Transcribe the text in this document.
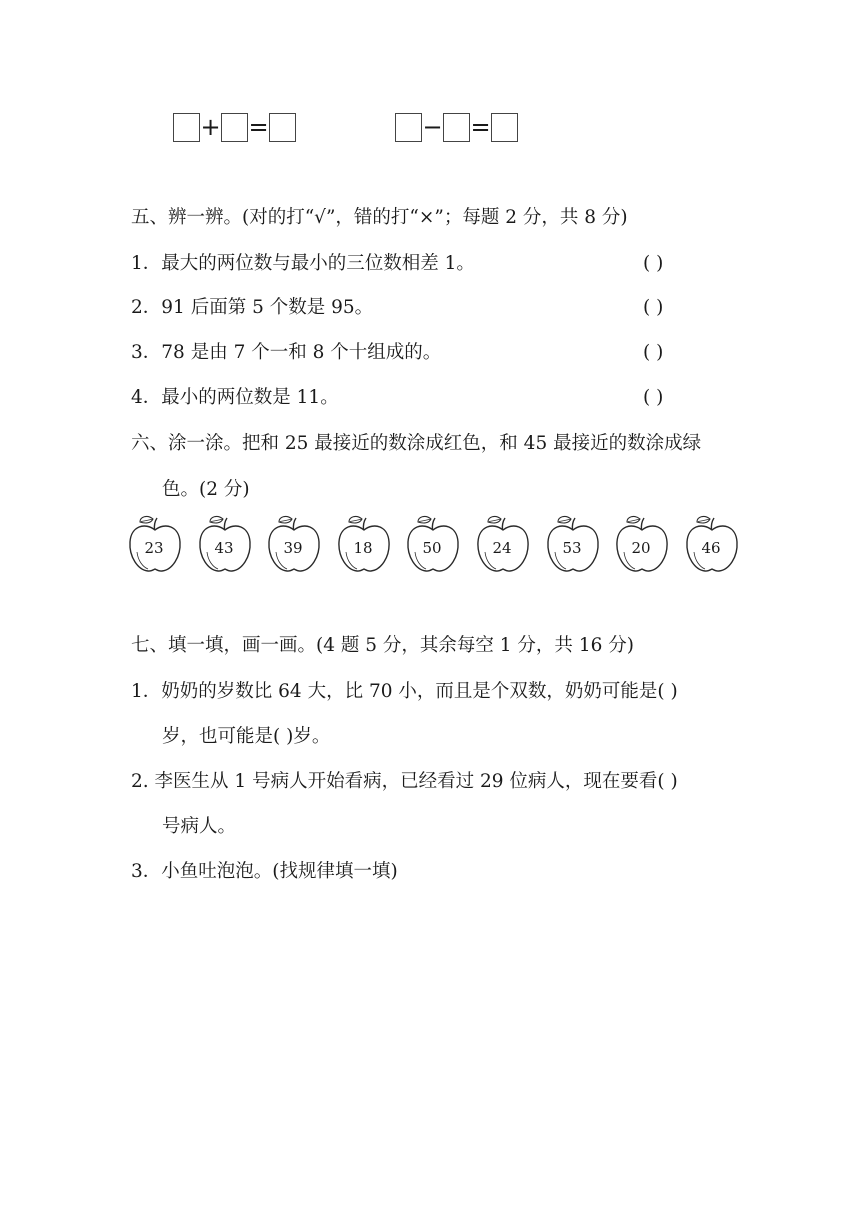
+ =	− =
五、辨一辨。(对的打“√”，错的打“×”；每题 2 分，共 8 分)
1．最大的两位数与最小的三位数相差 1。	( )
2．91 后面第 5 个数是 95。	( )
3．78 是由 7 个一和 8 个十组成的。	( )
4．最小的两位数是 11。	( )
六、涂一涂。把和 25 最接近的数涂成红色，和 45 最接近的数涂成绿
色。(2 分)
23	43	39	18	50	24	53	20	46
七、填一填，画一画。(4 题 5 分，其余每空 1 分，共 16 分)
1．奶奶的岁数比 64 大，比 70 小，而且是个双数，奶奶可能是( )
岁，也可能是( )岁。
2. 李医生从 1 号病人开始看病，已经看过 29 位病人，现在要看( )
号病人。
3．小鱼吐泡泡。(找规律填一填)
